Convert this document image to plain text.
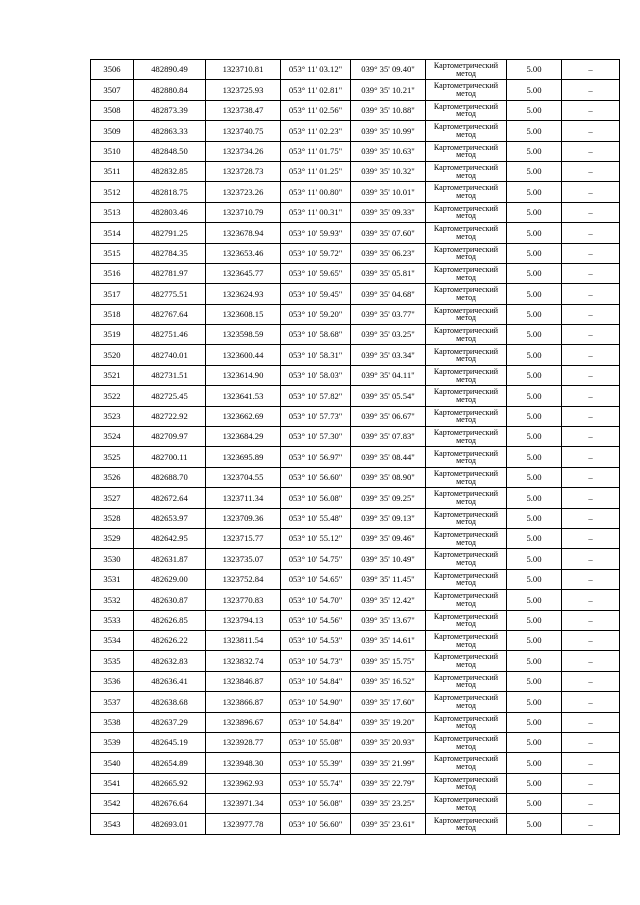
3506	482890.49	1323710.81	053° 11' 03.12"	039° 35' 09.40"	Картометрический метод	5.00	–
3507	482880.84	1323725.93	053° 11' 02.81"	039° 35' 10.21"	Картометрический метод	5.00	–
3508	482873.39	1323738.47	053° 11' 02.56"	039° 35' 10.88"	Картометрический метод	5.00	–
3509	482863.33	1323740.75	053° 11' 02.23"	039° 35' 10.99"	Картометрический метод	5.00	–
3510	482848.50	1323734.26	053° 11' 01.75"	039° 35' 10.63"	Картометрический метод	5.00	–
3511	482832.85	1323728.73	053° 11' 01.25"	039° 35' 10.32"	Картометрический метод	5.00	–
3512	482818.75	1323723.26	053° 11' 00.80"	039° 35' 10.01"	Картометрический метод	5.00	–
3513	482803.46	1323710.79	053° 11' 00.31"	039° 35' 09.33"	Картометрический метод	5.00	–
3514	482791.25	1323678.94	053° 10' 59.93"	039° 35' 07.60"	Картометрический метод	5.00	–
3515	482784.35	1323653.46	053° 10' 59.72"	039° 35' 06.23"	Картометрический метод	5.00	–
3516	482781.97	1323645.77	053° 10' 59.65"	039° 35' 05.81"	Картометрический метод	5.00	–
3517	482775.51	1323624.93	053° 10' 59.45"	039° 35' 04.68"	Картометрический метод	5.00	–
3518	482767.64	1323608.15	053° 10' 59.20"	039° 35' 03.77"	Картометрический метод	5.00	–
3519	482751.46	1323598.59	053° 10' 58.68"	039° 35' 03.25"	Картометрический метод	5.00	–
3520	482740.01	1323600.44	053° 10' 58.31"	039° 35' 03.34"	Картометрический метод	5.00	–
3521	482731.51	1323614.90	053° 10' 58.03"	039° 35' 04.11"	Картометрический метод	5.00	–
3522	482725.45	1323641.53	053° 10' 57.82"	039° 35' 05.54"	Картометрический метод	5.00	–
3523	482722.92	1323662.69	053° 10' 57.73"	039° 35' 06.67"	Картометрический метод	5.00	–
3524	482709.97	1323684.29	053° 10' 57.30"	039° 35' 07.83"	Картометрический метод	5.00	–
3525	482700.11	1323695.89	053° 10' 56.97"	039° 35' 08.44"	Картометрический метод	5.00	–
3526	482688.70	1323704.55	053° 10' 56.60"	039° 35' 08.90"	Картометрический метод	5.00	–
3527	482672.64	1323711.34	053° 10' 56.08"	039° 35' 09.25"	Картометрический метод	5.00	–
3528	482653.97	1323709.36	053° 10' 55.48"	039° 35' 09.13"	Картометрический метод	5.00	–
3529	482642.95	1323715.77	053° 10' 55.12"	039° 35' 09.46"	Картометрический метод	5.00	–
3530	482631.87	1323735.07	053° 10' 54.75"	039° 35' 10.49"	Картометрический метод	5.00	–
3531	482629.00	1323752.84	053° 10' 54.65"	039° 35' 11.45"	Картометрический метод	5.00	–
3532	482630.87	1323770.83	053° 10' 54.70"	039° 35' 12.42"	Картометрический метод	5.00	–
3533	482626.85	1323794.13	053° 10' 54.56"	039° 35' 13.67"	Картометрический метод	5.00	–
3534	482626.22	1323811.54	053° 10' 54.53"	039° 35' 14.61"	Картометрический метод	5.00	–
3535	482632.83	1323832.74	053° 10' 54.73"	039° 35' 15.75"	Картометрический метод	5.00	–
3536	482636.41	1323846.87	053° 10' 54.84"	039° 35' 16.52"	Картометрический метод	5.00	–
3537	482638.68	1323866.87	053° 10' 54.90"	039° 35' 17.60"	Картометрический метод	5.00	–
3538	482637.29	1323896.67	053° 10' 54.84"	039° 35' 19.20"	Картометрический метод	5.00	–
3539	482645.19	1323928.77	053° 10' 55.08"	039° 35' 20.93"	Картометрический метод	5.00	–
3540	482654.89	1323948.30	053° 10' 55.39"	039° 35' 21.99"	Картометрический метод	5.00	–
3541	482665.92	1323962.93	053° 10' 55.74"	039° 35' 22.79"	Картометрический метод	5.00	–
3542	482676.64	1323971.34	053° 10' 56.08"	039° 35' 23.25"	Картометрический метод	5.00	–
3543	482693.01	1323977.78	053° 10' 56.60"	039° 35' 23.61"	Картометрический метод	5.00	–
